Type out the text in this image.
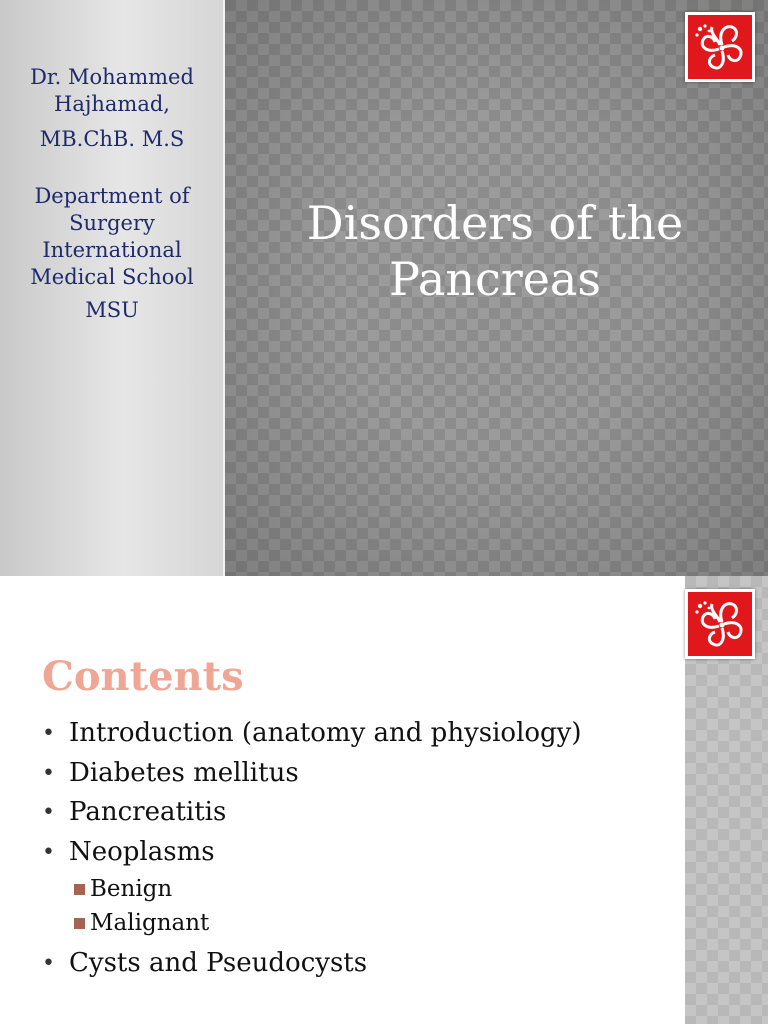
Dr. Mohammed Hajhamad,

MB.ChB. M.S

Department of Surgery International Medical School

MSU

Disorders of the Pancreas
Contents
• Introduction (anatomy and physiology)
• Diabetes mellitus
• Pancreatitis
• Neoplasms
Benign
Malignant
• Cysts and Pseudocysts
